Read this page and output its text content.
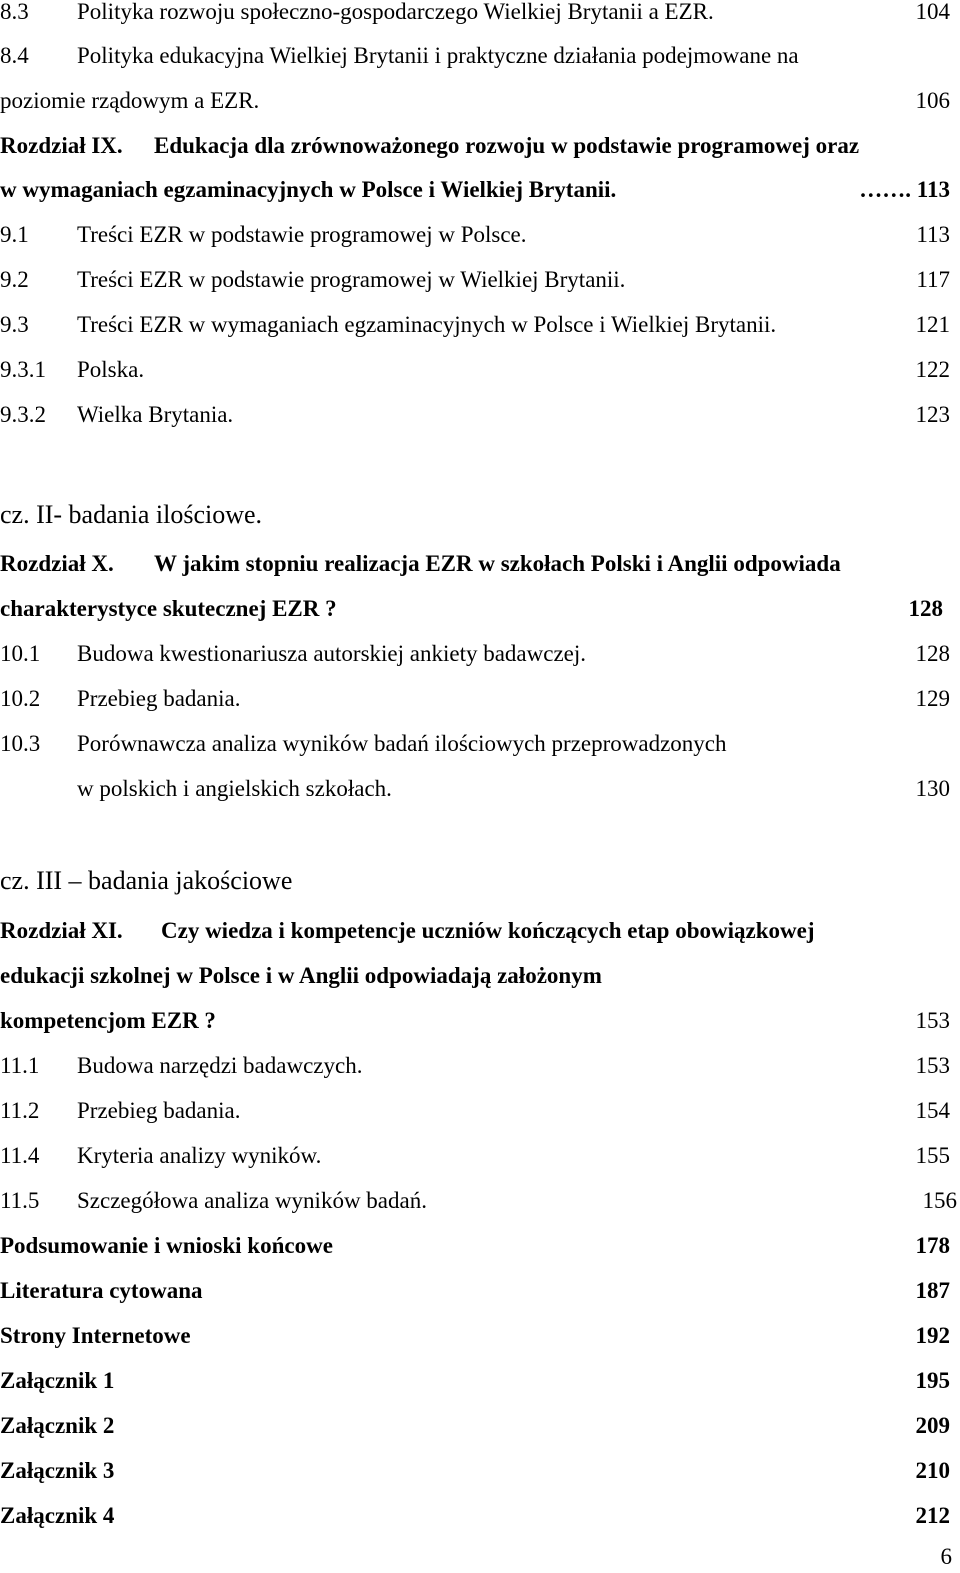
8.3 Polityka rozwoju społeczno-gospodarczego Wielkiej Brytanii a EZR.	104
8.4 Polityka edukacyjna Wielkiej Brytanii i praktyczne działania podejmowane na
poziomie rządowym a EZR.	106
Rozdział IX. Edukacja dla zrównoważonego rozwoju w podstawie programowej oraz
w wymaganiach egzaminacyjnych w Polsce i Wielkiej Brytanii.	……. 113
9.1 Treści EZR w podstawie programowej w Polsce.	113
9.2 Treści EZR w podstawie programowej w Wielkiej Brytanii.	117
9.3 Treści EZR w wymaganiach egzaminacyjnych w Polsce i Wielkiej Brytanii.	121
9.3.1 Polska.	122
9.3.2 Wielka Brytania.	123
cz. II- badania ilościowe.
Rozdział X. W jakim stopniu realizacja EZR w szkołach Polski i Anglii odpowiada
charakterystyce skutecznej EZR ?	128
10.1 Budowa kwestionariusza autorskiej ankiety badawczej.	128
10.2 Przebieg badania.	129
10.3 Porównawcza analiza wyników badań ilościowych przeprowadzonych
w polskich i angielskich szkołach.	130
cz. III – badania jakościowe
Rozdział XI. Czy wiedza i kompetencje uczniów kończących etap obowiązkowej
edukacji szkolnej w Polsce i w Anglii odpowiadają założonym
kompetencjom EZR ?	153
11.1 Budowa narzędzi badawczych.	153
11.2 Przebieg badania.	154
11.4 Kryteria analizy wyników.	155
11.5 Szczegółowa analiza wyników badań.	156
Podsumowanie i wnioski końcowe	178
Literatura cytowana	187
Strony Internetowe	192
Załącznik 1	195
Załącznik 2	209
Załącznik 3	210
Załącznik 4	212
6
